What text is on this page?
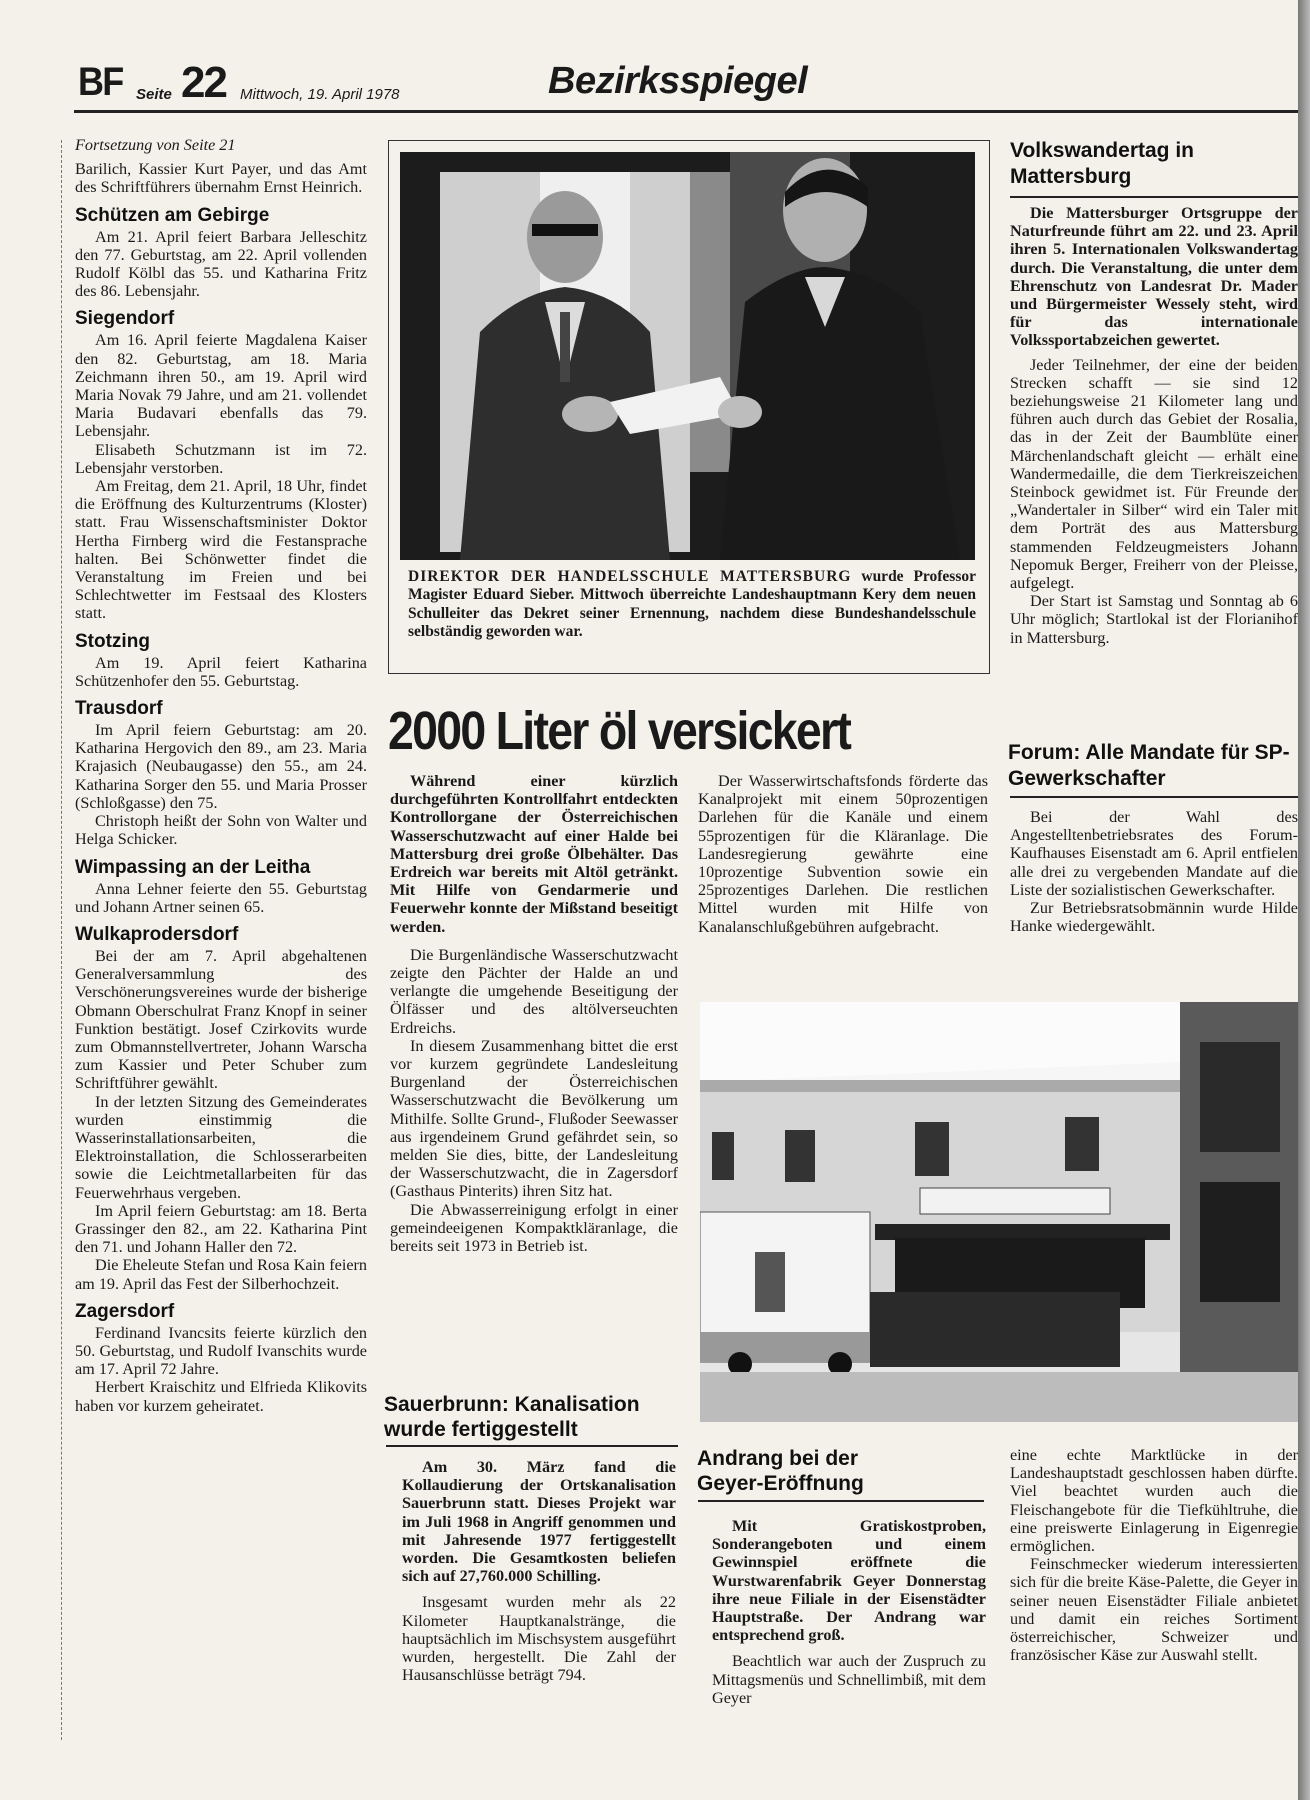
BF Seite 22 Mittwoch, 19. April 1978	Bezirksspiegel

Fortsetzung von Seite 21

Barilich, Kassier Kurt Payer, und das Amt des Schriftführers übernahm Ernst Heinrich.

Schützen am Gebirge

Am 21. April feiert Barbara Jelleschitz den 77. Geburtstag, am 22. April vollenden Rudolf Kölbl das 55. und Katharina Fritz des 86. Lebensjahr.

Siegendorf

Am 16. April feierte Magdalena Kaiser den 82. Geburtstag, am 18. Maria Zeichmann ihren 50., am 19. April wird Maria Novak 79 Jahre, und am 21. vollendet Maria Budavari ebenfalls das 79. Lebensjahr.

Elisabeth Schutzmann ist im 72. Lebensjahr verstorben.

Am Freitag, dem 21. April, 18 Uhr, findet die Eröffnung des Kulturzentrums (Kloster) statt. Frau Wissenschaftsminister Doktor Hertha Firnberg wird die Festansprache halten. Bei Schönwetter findet die Veranstaltung im Freien und bei Schlechtwetter im Festsaal des Klosters statt.

Stotzing

Am 19. April feiert Katharina Schützenhofer den 55. Geburtstag.

Trausdorf

Im April feiern Geburtstag: am 20. Katharina Hergovich den 89., am 23. Maria Krajasich (Neubaugasse) den 55., am 24. Katharina Sorger den 55. und Maria Prosser (Schloßgasse) den 75.

Christoph heißt der Sohn von Walter und Helga Schicker.

Wimpassing an der Leitha

Anna Lehner feierte den 55. Geburtstag und Johann Artner seinen 65.

Wulkaprodersdorf

Bei der am 7. April abgehaltenen Generalversammlung des Verschönerungsvereines wurde der bisherige Obmann Oberschulrat Franz Knopf in seiner Funktion bestätigt. Josef Czirkovits wurde zum Obmannstellvertreter, Johann Warscha zum Kassier und Peter Schuber zum Schriftführer gewählt.

In der letzten Sitzung des Gemeinderates wurden einstimmig die Wasserinstallationsarbeiten, die Elektroinstallation, die Schlosserarbeiten sowie die Leichtmetallarbeiten für das Feuerwehrhaus vergeben.

Im April feiern Geburtstag: am 18. Berta Grassinger den 82., am 22. Katharina Pint den 71. und Johann Haller den 72.

Die Eheleute Stefan und Rosa Kain feiern am 19. April das Fest der Silberhochzeit.

Zagersdorf

Ferdinand Ivancsits feierte kürzlich den 50. Geburtstag, und Rudolf Ivanschits wurde am 17. April 72 Jahre.

Herbert Kraischitz und Elfrieda Klikovits haben vor kurzem geheiratet.

DIREKTOR DER HANDELSSCHULE MATTERSBURG wurde Professor Magister Eduard Sieber. Mittwoch überreichte Landeshauptmann Kery dem neuen Schulleiter das Dekret seiner Ernennung, nachdem diese Bundeshandelsschule selbständig geworden war.
2000 Liter öl versickert

Während einer kürzlich durchgeführten Kontrollfahrt entdeckten Kontrollorgane der Österreichischen Wasserschutzwacht auf einer Halde bei Mattersburg drei große Ölbehälter. Das Erdreich war bereits mit Altöl getränkt. Mit Hilfe von Gendarmerie und Feuerwehr konnte der Mißstand beseitigt werden.

Die Burgenländische Wasserschutzwacht zeigte den Pächter der Halde an und verlangte die umgehende Beseitigung der Ölfässer und des altölverseuchten Erdreichs.

In diesem Zusammenhang bittet die erst vor kurzem gegründete Landesleitung Burgenland der Österreichischen Wasserschutzwacht die Bevölkerung um Mithilfe. Sollte Grund-, Flußoder Seewasser aus irgendeinem Grund gefährdet sein, so melden Sie dies, bitte, der Landesleitung der Wasserschutzwacht, die in Zagersdorf (Gasthaus Pinterits) ihren Sitz hat.

Die Abwasserreinigung erfolgt in einer gemeindeeigenen Kompaktkläranlage, die bereits seit 1973 in Betrieb ist.

Der Wasserwirtschaftsfonds förderte das Kanalprojekt mit einem 50prozentigen Darlehen für die Kanäle und einem 55prozentigen für die Kläranlage. Die Landesregierung gewährte eine 10prozentige Subvention sowie ein 25prozentiges Darlehen. Die restlichen Mittel wurden mit Hilfe von Kanalanschlußgebühren aufgebracht.

Sauerbrunn: Kanalisation wurde fertiggestellt

Am 30. März fand die Kollaudierung der Ortskanalisation Sauerbrunn statt. Dieses Projekt war im Juli 1968 in Angriff genommen und mit Jahresende 1977 fertiggestellt worden. Die Gesamtkosten beliefen sich auf 27,760.000 Schilling.

Insgesamt wurden mehr als 22 Kilometer Hauptkanalstränge, die hauptsächlich im Mischsystem ausgeführt wurden, hergestellt. Die Zahl der Hausanschlüsse beträgt 794.

Andrang bei der Geyer-Eröffnung

Mit Gratiskostproben, Sonderangeboten und einem Gewinnspiel eröffnete die Wurstwarenfabrik Geyer Donnerstag ihre neue Filiale in der Eisenstädter Hauptstraße. Der Andrang war entsprechend groß.

Beachtlich war auch der Zuspruch zu Mittagsmenüs und Schnellimbiß, mit dem Geyer

eine echte Marktlücke in der Landeshauptstadt geschlossen haben dürfte. Viel beachtet wurden auch die Fleischangebote für die Tiefkühltruhe, die eine preiswerte Einlagerung in Eigenregie ermöglichen.

Feinschmecker wiederum interessierten sich für die breite Käse-Palette, die Geyer in seiner neuen Eisenstädter Filiale anbietet und damit ein reiches Sortiment österreichischer, Schweizer und französischer Käse zur Auswahl stellt.

Volkswandertag in Mattersburg

Die Mattersburger Ortsgruppe der Naturfreunde führt am 22. und 23. April ihren 5. Internationalen Volkswandertag durch. Die Veranstaltung, die unter dem Ehrenschutz von Landesrat Dr. Mader und Bürgermeister Wessely steht, wird für das internationale Volkssportabzeichen gewertet.

Jeder Teilnehmer, der eine der beiden Strecken schafft — sie sind 12 beziehungsweise 21 Kilometer lang und führen auch durch das Gebiet der Rosalia, das in der Zeit der Baumblüte einer Märchenlandschaft gleicht — erhält eine Wandermedaille, die dem Tierkreiszeichen Steinbock gewidmet ist. Für Freunde der „Wandertaler in Silber“ wird ein Taler mit dem Porträt des aus Mattersburg stammenden Feldzeugmeisters Johann Nepomuk Berger, Freiherr von der Pleisse, aufgelegt.

Der Start ist Samstag und Sonntag ab 6 Uhr möglich; Startlokal ist der Florianihof in Mattersburg.

Forum: Alle Mandate für SP-Gewerkschafter

Bei der Wahl des Angestelltenbetriebsrates des Forum-Kaufhauses Eisenstadt am 6. April entfielen alle drei zu vergebenden Mandate auf die Liste der sozialistischen Gewerkschafter.

Zur Betriebsratsobmännin wurde Hilde Hanke wiedergewählt.
